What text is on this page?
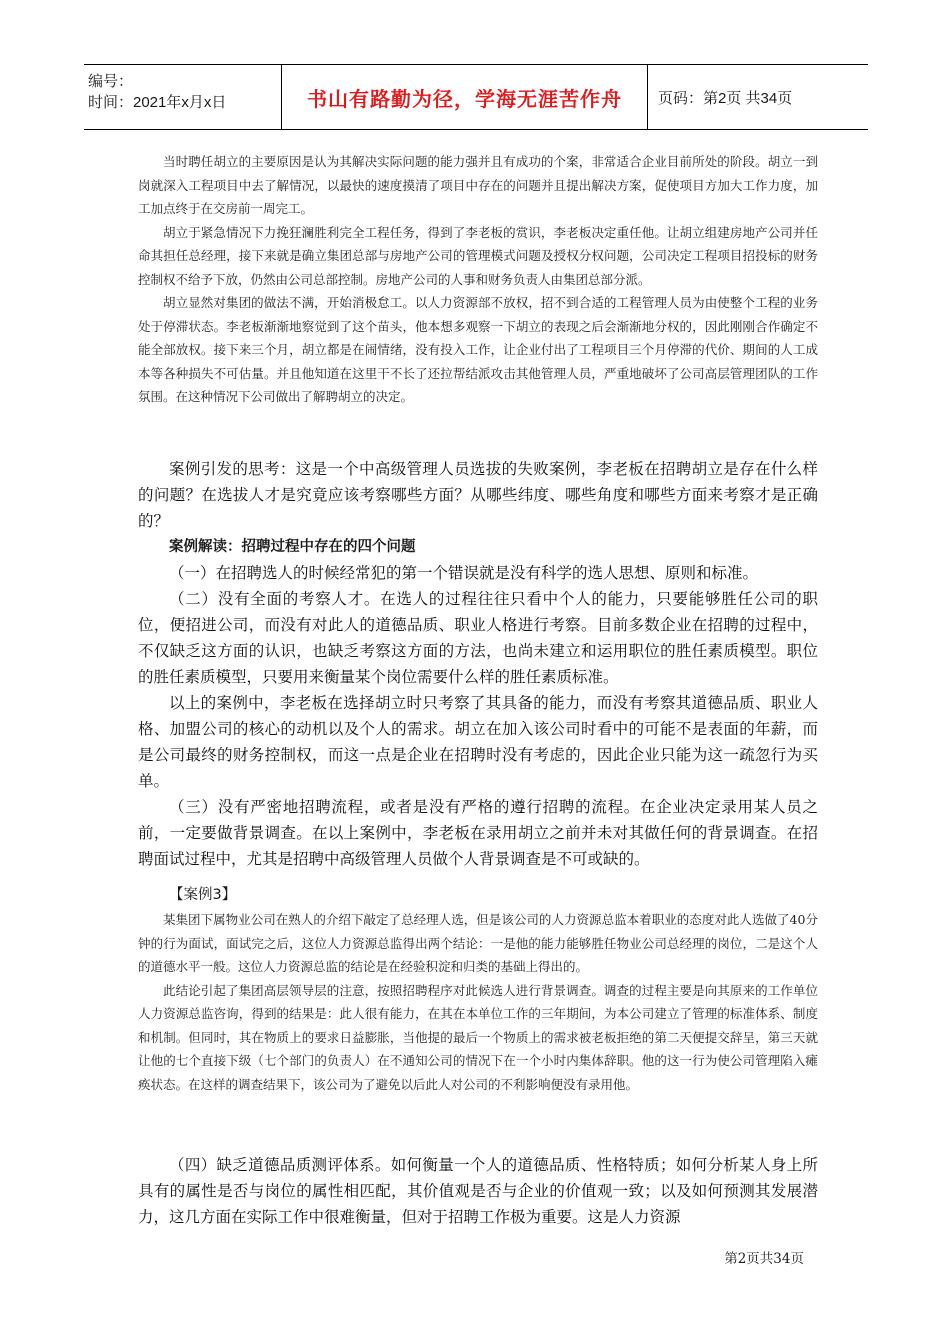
编号：
时间：2021年x月x日	书山有路勤为径，学海无涯苦作舟	页码：第2页 共34页

当时聘任胡立的主要原因是认为其解决实际问题的能力强并且有成功的个案，非常适合企业目前所处的阶段。胡立一到岗就深入工程项目中去了解情况，以最快的速度摸清了项目中存在的问题并且提出解决方案，促使项目方加大工作力度，加工加点终于在交房前一周完工。

胡立于紧急情况下力挽狂澜胜利完全工程任务，得到了李老板的赏识，李老板决定重任他。让胡立组建房地产公司并任命其担任总经理，接下来就是确立集团总部与房地产公司的管理模式问题及授权分权问题，公司决定工程项目招投标的财务控制权不给予下放，仍然由公司总部控制。房地产公司的人事和财务负责人由集团总部分派。

胡立显然对集团的做法不满，开始消极怠工。以人力资源部不放权，招不到合适的工程管理人员为由使整个工程的业务处于停滞状态。李老板渐渐地察觉到了这个苗头，他本想多观察一下胡立的表现之后会渐渐地分权的，因此刚刚合作确定不能全部放权。接下来三个月，胡立都是在闹情绪，没有投入工作，让企业付出了工程项目三个月停滞的代价、期间的人工成本等各种损失不可估量。并且他知道在这里干不长了还拉帮结派攻击其他管理人员，严重地破坏了公司高层管理团队的工作氛围。在这种情况下公司做出了解聘胡立的决定。

案例引发的思考：这是一个中高级管理人员选拔的失败案例，李老板在招聘胡立是存在什么样的问题？在选拔人才是究竟应该考察哪些方面？从哪些纬度、哪些角度和哪些方面来考察才是正确的？

案例解读：招聘过程中存在的四个问题

（一）在招聘选人的时候经常犯的第一个错误就是没有科学的选人思想、原则和标准。

（二）没有全面的考察人才。在选人的过程往往只看中个人的能力，只要能够胜任公司的职位，便招进公司，而没有对此人的道德品质、职业人格进行考察。目前多数企业在招聘的过程中，不仅缺乏这方面的认识，也缺乏考察这方面的方法，也尚未建立和运用职位的胜任素质模型。职位的胜任素质模型，只要用来衡量某个岗位需要什么样的胜任素质标准。

以上的案例中，李老板在选择胡立时只考察了其具备的能力，而没有考察其道德品质、职业人格、加盟公司的核心的动机以及个人的需求。胡立在加入该公司时看中的可能不是表面的年薪，而是公司最终的财务控制权，而这一点是企业在招聘时没有考虑的，因此企业只能为这一疏忽行为买单。

（三）没有严密地招聘流程，或者是没有严格的遵行招聘的流程。在企业决定录用某人员之前，一定要做背景调查。在以上案例中，李老板在录用胡立之前并未对其做任何的背景调查。在招聘面试过程中，尤其是招聘中高级管理人员做个人背景调查是不可或缺的。

【案例3】

某集团下属物业公司在熟人的介绍下敲定了总经理人选，但是该公司的人力资源总监本着职业的态度对此人选做了40分钟的行为面试，面试完之后，这位人力资源总监得出两个结论：一是他的能力能够胜任物业公司总经理的岗位，二是这个人的道德水平一般。这位人力资源总监的结论是在经验积淀和归类的基础上得出的。

此结论引起了集团高层领导层的注意，按照招聘程序对此候选人进行背景调查。调查的过程主要是向其原来的工作单位人力资源总监咨询，得到的结果是：此人很有能力，在其在本单位工作的三年期间，为本公司建立了管理的标准体系、制度和机制。但同时，其在物质上的要求日益膨胀，当他提的最后一个物质上的需求被老板拒绝的第二天便提交辞呈，第三天就让他的七个直接下级（七个部门的负责人）在不通知公司的情况下在一个小时内集体辞职。他的这一行为使公司管理陷入瘫痪状态。在这样的调查结果下，该公司为了避免以后此人对公司的不利影响便没有录用他。

（四）缺乏道德品质测评体系。如何衡量一个人的道德品质、性格特质；如何分析某人身上所具有的属性是否与岗位的属性相匹配，其价值观是否与企业的价值观一致；以及如何预测其发展潜力，这几方面在实际工作中很难衡量，但对于招聘工作极为重要。这是人力资源

第2页共34页
